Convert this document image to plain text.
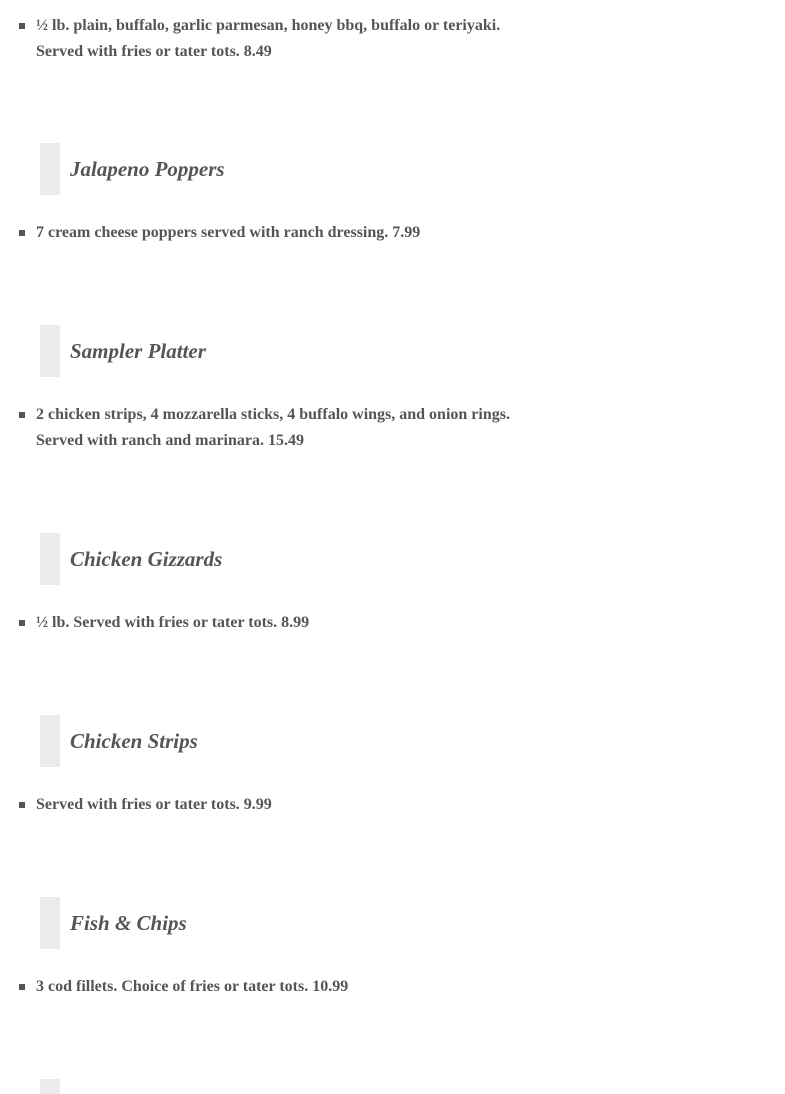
½ lb. plain, buffalo, garlic parmesan, honey bbq, buffalo or teriyaki.
Served with fries or tater tots. 8.49
Jalapeno Poppers
7 cream cheese poppers served with ranch dressing. 7.99
Sampler Platter
2 chicken strips, 4 mozzarella sticks, 4 buffalo wings, and onion rings.
Served with ranch and marinara. 15.49
Chicken Gizzards
½ lb. Served with fries or tater tots. 8.99
Chicken Strips
Served with fries or tater tots. 9.99
Fish & Chips
3 cod fillets. Choice of fries or tater tots. 10.99
